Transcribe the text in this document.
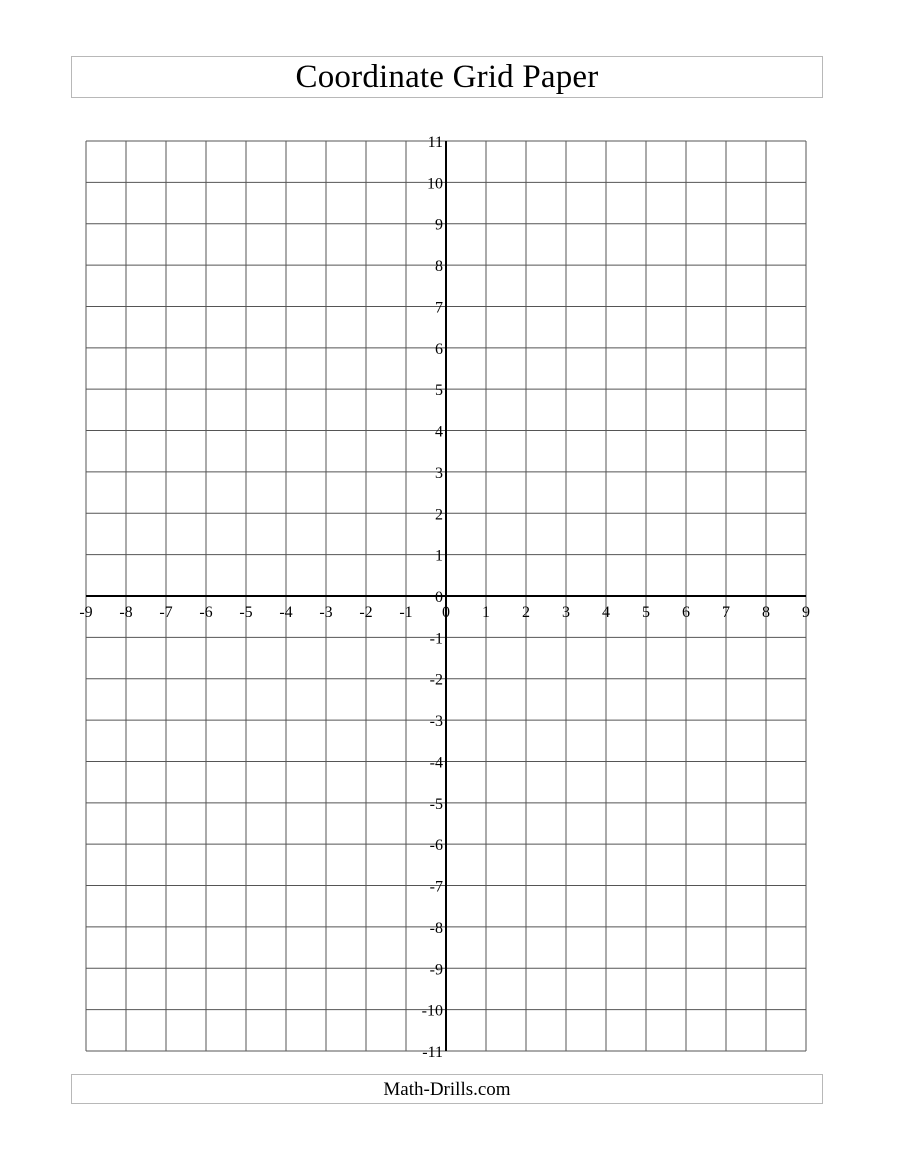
Coordinate Grid Paper
-9 -8 -7 -6 -5 -4 -3 -2 -1 0 1 2 3 4 5 6 7 8 9
11
10
9
8
7
6
5
4
3
2
1
0
-1
-2
-3
-4
-5
-6
-7
-8
-9
-10
-11
Math-Drills.com
